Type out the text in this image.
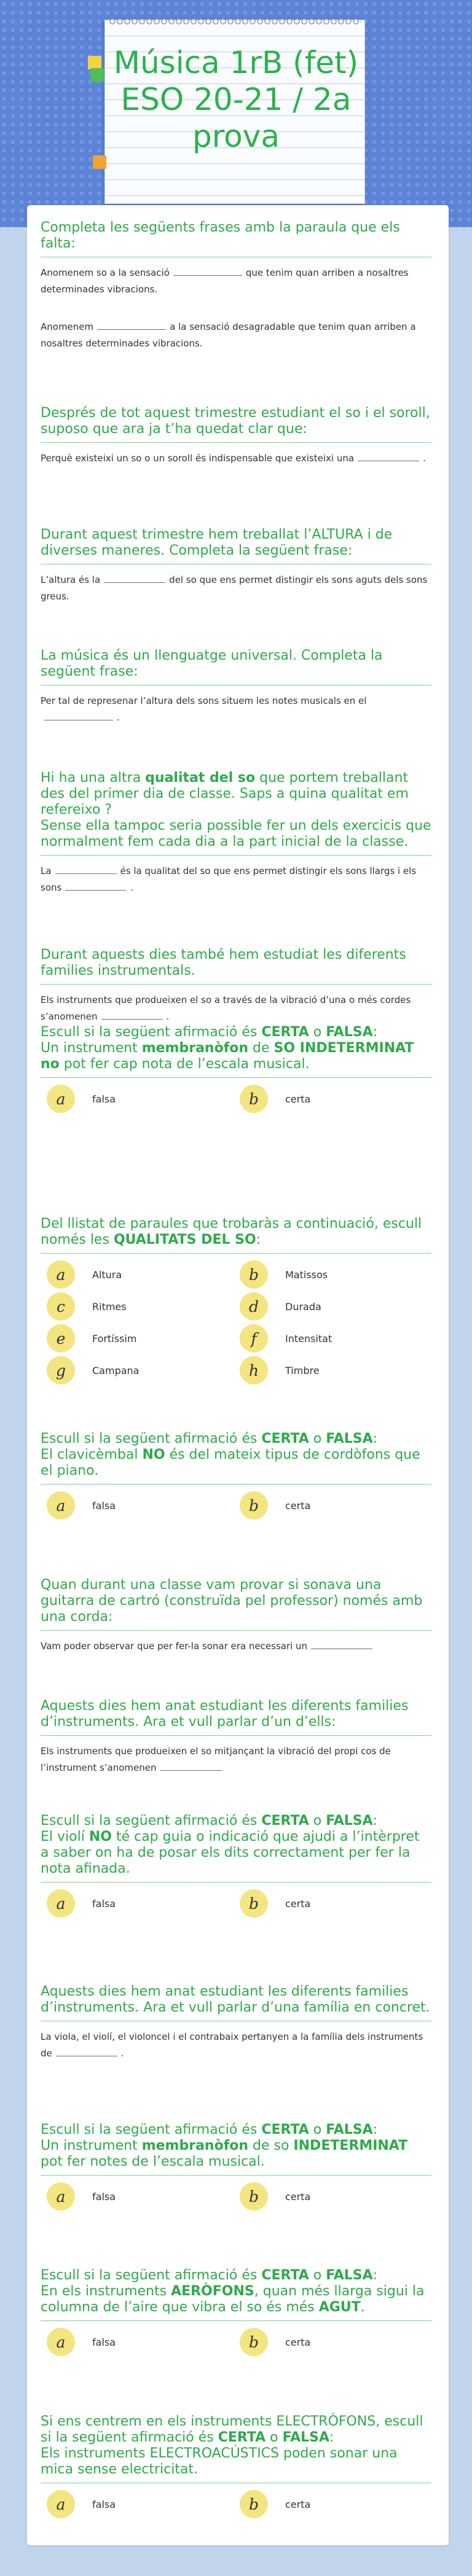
Música 1rB (fet) ESO 20-21 / 2a prova
Completa les següents frases amb la paraula que els falta:

Anomenem so a la sensació	que tenim quan arriben a nosaltres determinades vibracions.

Anomenem	a la sensació desagradable que tenim quan arriben a nosaltres determinades vibracions.

Després de tot aquest trimestre estudiant el so i el soroll, suposo que ara ja t’ha quedat clar que:

Perquè existeixi un so o un soroll és indispensable que existeixi una	.

Durant aquest trimestre hem treballat l’ALTURA i de diverses maneres. Completa la següent frase:

L’altura és la	del so que ens permet distingir els sons aguts dels sons greus.

La música és un llenguatge universal. Completa la següent frase:

Per tal de represenar l’altura dels sons situem les notes musicals en el.

Hi ha una altra qualitat del so que portem treballant des del primer dia de classe. Saps a quina qualitat em refereixo ?

Sense ella tampoc seria possible fer un dels exercicis que normalment fem cada dia a la part inicial de la classe.

La	és la qualitat del so que ens permet distingir els sons llargs i els sons	.

Durant aquests dies també hem estudiat les diferents families instrumentals.

Els instruments que produeixen el so a través de la vibració d’una o més cordes s’anomenen	.

Escull si la següent afirmació és CERTA o FALSA:

Un instrument membranòfon de SO INDETERMINAT no pot fer cap nota de l’escala musical.

a	falsa	b	certa

Del llistat de paraules que trobaràs a continuació, escull només les QUALITATS DEL SO:

a	Altura	b	Matissos
c	Ritmes	d	Durada
e	Fortíssim	f	Intensitat
g	Campana	h	Timbre

Escull si la següent afirmació és CERTA o FALSA:

El clavicèmbal NO és del mateix tipus de cordòfons que el piano.

a	falsa	b	certa
Quan durant una classe vam provar si sonava una guitarra de cartró (construïda pel professor) només amb una corda:

Vam poder observar que per fer-la sonar era necessari un

Aquests dies hem anat estudiant les diferents families d’instruments. Ara et vull parlar d’un d’ells:

Els instruments que produeixen el so mitjançant la vibració del propi cos de l’instrument s’anomenen

Escull si la següent afirmació és CERTA o FALSA:

El violí NO té cap guia o indicació que ajudi a l’intèrpret a saber on ha de posar els dits correctament per fer la nota afinada.

a	falsa	b	certa
Aquests dies hem anat estudiant les diferents families d’instruments. Ara et vull parlar d’una família en concret.

La viola, el violí, el violoncel i el contrabaix pertanyen a la família dels instruments de	.

Escull si la següent afirmació és CERTA o FALSA:

Un instrument membranòfon de so INDETERMINAT pot fer notes de l’escala musical.

a	falsa	b	certa

Escull si la següent afirmació és CERTA o FALSA:

En els instruments AERÒFONS, quan més llarga sigui la columna de l’aire que vibra el so és més AGUT.

a	falsa	b	certa

Si ens centrem en els instruments ELECTRÒFONS, escull si la següent afirmació és CERTA o FALSA:

Els instruments ELECTROACÚSTICS poden sonar una mica sense electricitat.

a	falsa	b	certa
